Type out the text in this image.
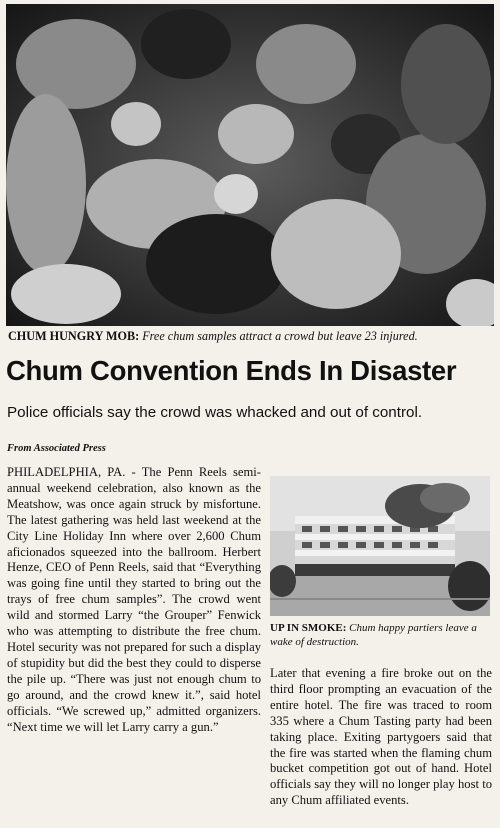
CHUM HUNGRY MOB: Free chum samples attract a crowd but leave 23 injured.
Chum Convention Ends In Disaster
Police officials say the crowd was whacked and out of control.
From Associated Press

PHILADELPHIA, PA. - The Penn Reels semi-annual weekend celebration, also known as the Meatshow, was once again struck by misfortune. The latest gathering was held last weekend at the City Line Holiday Inn where over 2,600 Chum aficionados squeezed into the ballroom. Herbert Henze, CEO of Penn Reels, said that “Everything was going fine until they started to bring out the trays of free chum samples”. The crowd went wild and stormed Larry “the Grouper” Fenwick who was attempting to distribute the free chum. Hotel security was not prepared for such a display of stupidity but did the best they could to disperse the pile up. “There was just not enough chum to go around, and the crowd knew it.”, said hotel officials. “We screwed up,” admitted organizers. “Next time we will let Larry carry a gun.”

UP IN SMOKE: Chum happy partiers leave a wake of destruction.

Later that evening a fire broke out on the third floor prompting an evacuation of the entire hotel. The fire was traced to room 335 where a Chum Tasting party had been taking place. Exiting partygoers said that the fire was started when the flaming chum bucket competition got out of hand. Hotel officials say they will no longer play host to any Chum affiliated events.
